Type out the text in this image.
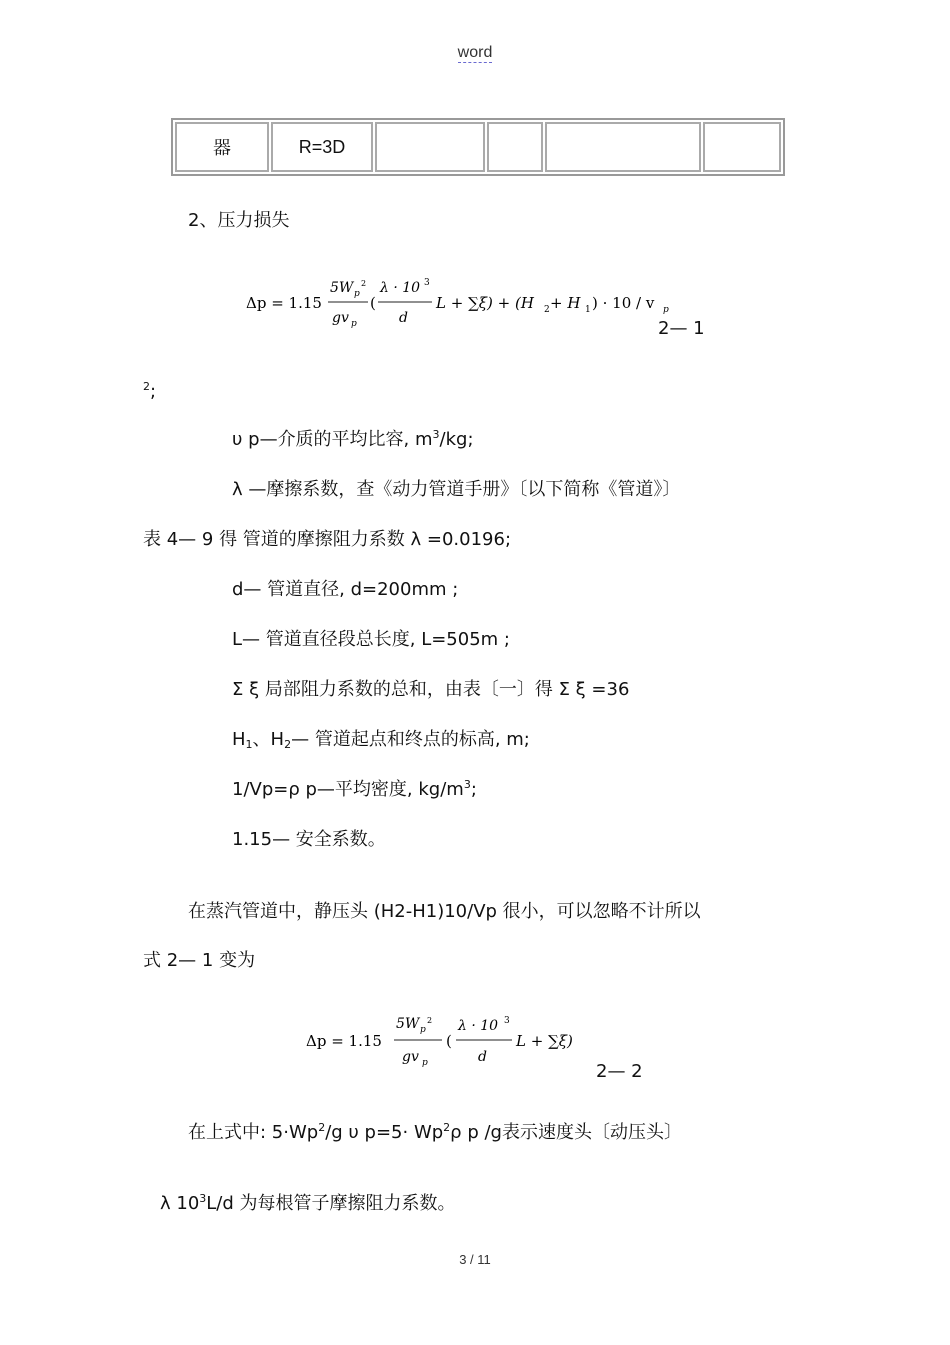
word
器	R=3D				
2、压力损失
Δp = 1.15
5W p
2
gv p
(
λ · 10 3
d
L + ∑ξ) + (H 2 + H 1 ) · 10 / v p
2— 1
$^2$;
υ p—介质的平均比容, $m^3/kg$;
λ —摩擦系数，查《动力管道手册》〔以下简称《管道》〕
表 4— 9 得 管道的摩擦阻力系数 λ =0.0196;
d— 管道直径, d=200mm ;
L— 管道直径段总长度, L=505m ;
Σ ξ 局部阻力系数的总和，由表〔一〕得 Σ ξ =36
$H_1$、$H_2—$ 管道起点和终点的标高, m;
1/Vp=ρ p—平均密度, $kg/m^3$;
1.15— 安全系数。
在蒸汽管道中，静压头 (H2-H1)10/Vp 很小，可以忽略不计所以
式 2— 1 变为
Δp = 1.15
5W p
2
gv p
(
λ · 10 3
d
L + ∑ξ)
2— 2
在上式中: $5\cdot Wp^2/g$ υ $p=5\cdot Wp^2\rho$ p /g表示速度头〔动压头〕
λ $10^3L/d$ 为每根管子摩擦阻力系数。
3 / 11
